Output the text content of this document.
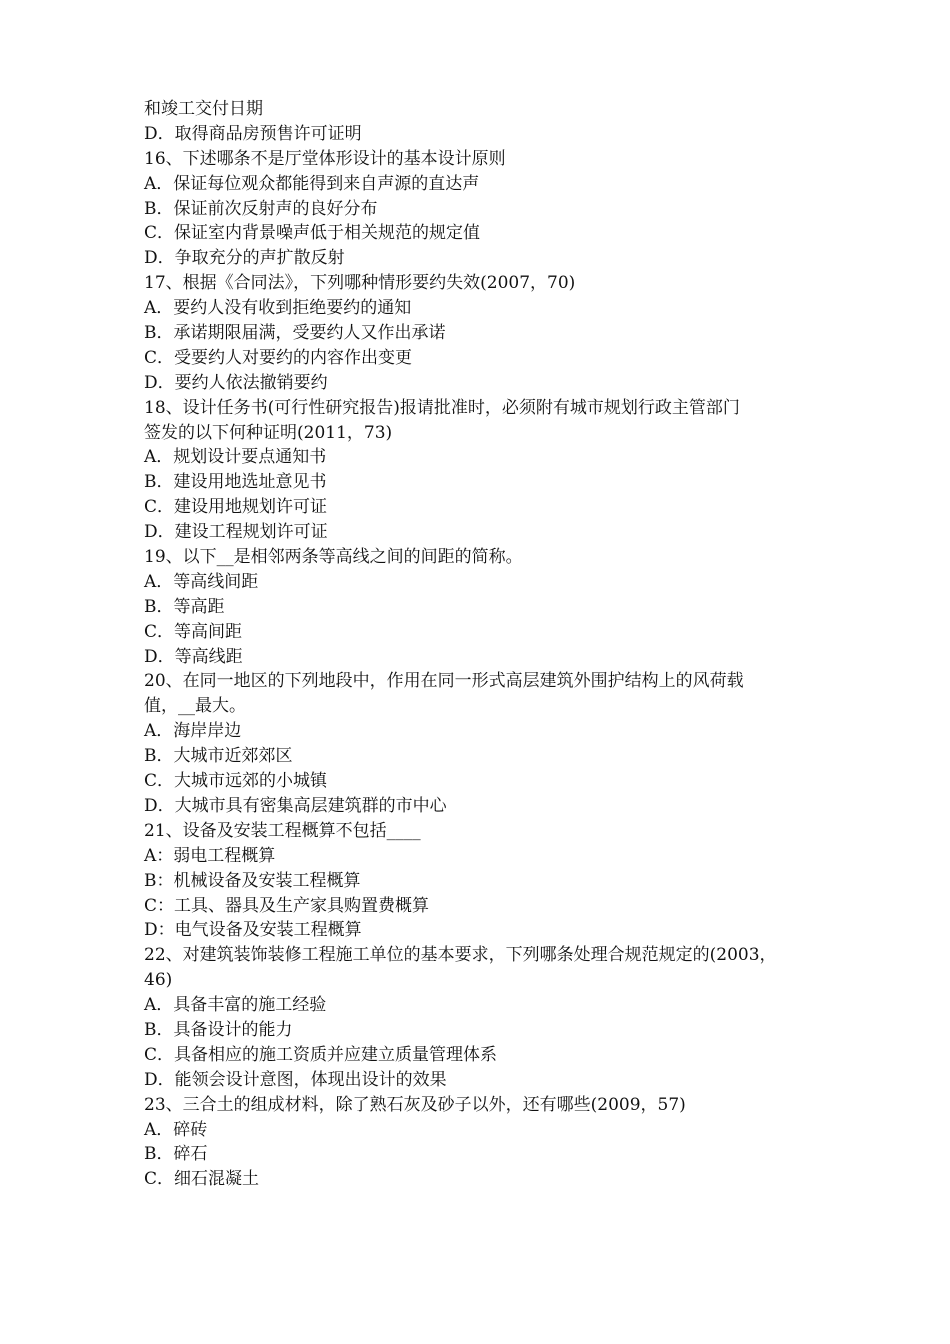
和竣工交付日期
D．取得商品房预售许可证明
16、下述哪条不是厅堂体形设计的基本设计原则
A．保证每位观众都能得到来自声源的直达声
B．保证前次反射声的良好分布
C．保证室内背景噪声低于相关规范的规定值
D．争取充分的声扩散反射
17、根据《合同法》，下列哪种情形要约失效(2007，70)
A．要约人没有收到拒绝要约的通知
B．承诺期限届满，受要约人又作出承诺
C．受要约人对要约的内容作出变更
D．要约人依法撤销要约
18、设计任务书(可行性研究报告)报请批准时，必须附有城市规划行政主管部门
签发的以下何种证明(2011，73)
A．规划设计要点通知书
B．建设用地选址意见书
C．建设用地规划许可证
D．建设工程规划许可证
19、以下__是相邻两条等高线之间的间距的简称。
A．等高线间距
B．等高距
C．等高间距
D．等高线距
20、在同一地区的下列地段中，作用在同一形式高层建筑外围护结构上的风荷载
值，__最大。
A．海岸岸边
B．大城市近郊郊区
C．大城市远郊的小城镇
D．大城市具有密集高层建筑群的市中心
21、设备及安装工程概算不包括____
A：弱电工程概算
B：机械设备及安装工程概算
C：工具、器具及生产家具购置费概算
D：电气设备及安装工程概算
22、对建筑装饰装修工程施工单位的基本要求，下列哪条处理合规范规定的(2003，
46)
A．具备丰富的施工经验
B．具备设计的能力
C．具备相应的施工资质并应建立质量管理体系
D．能领会设计意图，体现出设计的效果
23、三合土的组成材料，除了熟石灰及砂子以外，还有哪些(2009，57)
A．碎砖
B．碎石
C．细石混凝土
